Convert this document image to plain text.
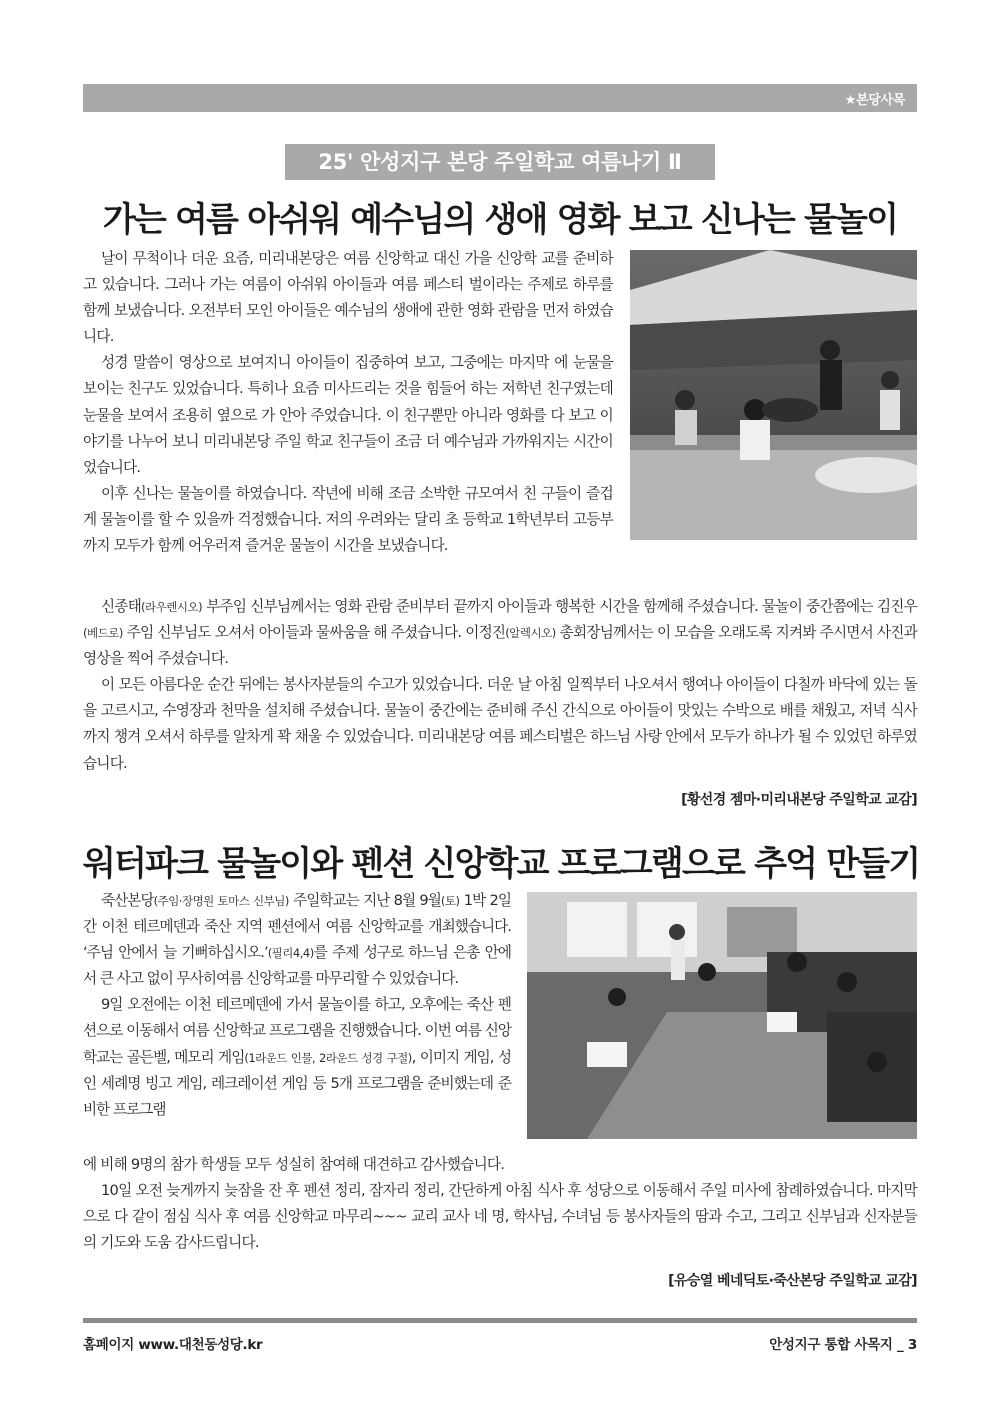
★본당사목
25' 안성지구 본당 주일학교 여름나기 Ⅱ
가는 여름 아쉬워 예수님의 생애 영화 보고 신나는 물놀이

날이 무척이나 더운 요즘, 미리내본당은 여름 신앙학교 대신 가을 신앙학 교를 준비하고 있습니다. 그러나 가는 여름이 아쉬워 아이들과 여름 페스티 벌이라는 주제로 하루를 함께 보냈습니다. 오전부터 모인 아이들은 예수님의 생애에 관한 영화 관람을 먼저 하였습니다.

성경 말씀이 영상으로 보여지니 아이들이 집중하여 보고, 그중에는 마지막 에 눈물을 보이는 친구도 있었습니다. 특히나 요즘 미사드리는 것을 힘들어 하는 저학년 친구였는데 눈물을 보여서 조용히 옆으로 가 안아 주었습니다. 이 친구뿐만 아니라 영화를 다 보고 이야기를 나누어 보니 미리내본당 주일 학교 친구들이 조금 더 예수님과 가까워지는 시간이었습니다.

이후 신나는 물놀이를 하였습니다. 작년에 비해 조금 소박한 규모여서 친 구들이 즐겁게 물놀이를 할 수 있을까 걱정했습니다. 저의 우려와는 달리 초 등학교 1학년부터 고등부까지 모두가 함께 어우러져 즐거운 물놀이 시간을 보냈습니다.

신종태(라우렌시오) 부주임 신부님께서는 영화 관람 준비부터 끝까지 아이들과 행복한 시간을 함께해 주셨습니다. 물놀이 중간쯤에는 김진우(베드로) 주임 신부님도 오셔서 아이들과 물싸움을 해 주셨습니다. 이정진(알렉시오) 총회장님께서는 이 모습을 오래도록 지켜봐 주시면서 사진과 영상을 찍어 주셨습니다.

이 모든 아름다운 순간 뒤에는 봉사자분들의 수고가 있었습니다. 더운 날 아침 일찍부터 나오셔서 행여나 아이들이 다칠까 바닥에 있는 돌을 고르시고, 수영장과 천막을 설치해 주셨습니다. 물놀이 중간에는 준비해 주신 간식으로 아이들이 맛있는 수박으로 배를 채웠고, 저녁 식사까지 챙겨 오셔서 하루를 알차게 꽉 채울 수 있었습니다. 미리내본당 여름 페스티벌은 하느님 사랑 안에서 모두가 하나가 될 수 있었던 하루였습니다.

[황선경 젬마·미리내본당 주일학교 교감]
워터파크 물놀이와 펜션 신앙학교 프로그램으로 추억 만들기

죽산본당(주임·장명원 토마스 신부님) 주일학교는 지난 8월 9월(토) 1박 2일간 이천 테르메덴과 죽산 지역 펜션에서 여름 신앙학교를 개최했습니다. ‘주님 안에서 늘 기뻐하십시오.’(필리4,4)를 주제 성구로 하느님 은총 안에서 큰 사고 없이 무사히여름 신앙학교를 마무리할 수 있었습니다.

9일 오전에는 이천 테르메덴에 가서 물놀이를 하고, 오후에는 죽산 펜션으로 이동해서 여름 신앙학교 프로그램을 진행했습니다. 이번 여름 신앙학교는 골든벨, 메모리 게임(1라운드 인물, 2라운드 성경 구절), 이미지 게임, 성인 세례명 빙고 게임, 레크레이션 게임 등 5개 프로그램을 준비했는데 준비한 프로그램

에 비해 9명의 참가 학생들 모두 성실히 참여해 대견하고 감사했습니다.

10일 오전 늦게까지 늦잠을 잔 후 펜션 정리, 잠자리 정리, 간단하게 아침 식사 후 성당으로 이동해서 주일 미사에 참례하였습니다. 마지막으로 다 같이 점심 식사 후 여름 신앙학교 마무리~~~ 교리 교사 네 명, 학사님, 수녀님 등 봉사자들의 땀과 수고, 그리고 신부님과 신자분들의 기도와 도움 감사드립니다.

[유승열 베네딕토·죽산본당 주일학교 교감]
홈페이지 www.대천동성당.kr	안성지구 통합 사목지 _ 3
